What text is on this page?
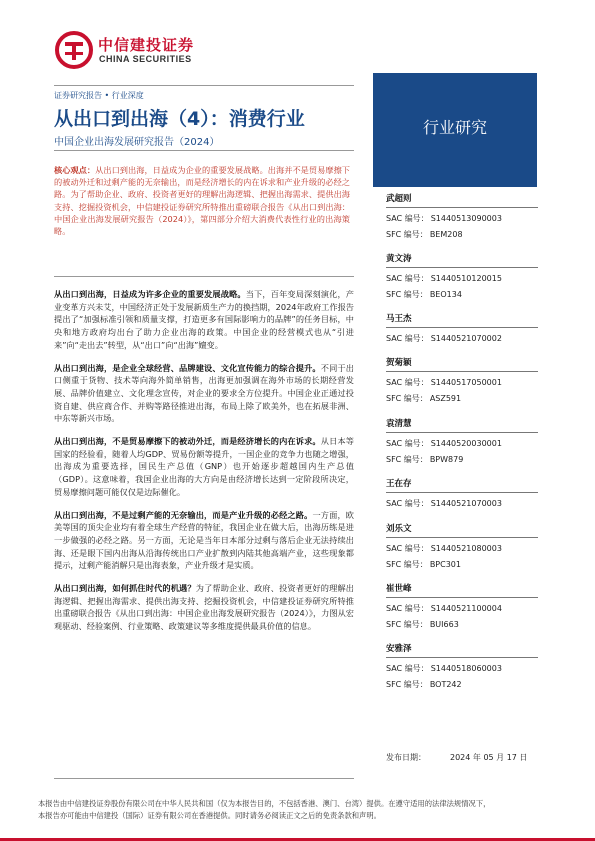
中信建投证券
CHINA SECURITIES
行业研究
证券研究报告 • 行业深度
从出口到出海（4）：消费行业
中国企业出海发展研究报告（2024）
核心观点：从出口到出海，日益成为企业的重要发展战略。出海并不是贸易摩擦下的被动外迁和过剩产能的无奈输出，而是经济增长的内在诉求和产业升级的必经之路。为了帮助企业、政府、投资者更好的理解出海逻辑、把握出海需求、提供出海支持、挖掘投资机会，中信建投证券研究所特推出重磅联合报告《从出口到出海：中国企业出海发展研究报告（2024）》，第四部分介绍大消费代表性行业的出海策略。

从出口到出海，日益成为许多企业的重要发展战略。当下，百年变局深刻演化，产业变革方兴未艾，中国经济正处于发展新质生产力的换挡期，2024年政府工作报告提出了“加强标准引领和质量支撑，打造更多有国际影响力的品牌”的任务目标，中央和地方政府均出台了助力企业出海的政策。中国企业的经营模式也从“引进来”向“走出去”转型，从“出口”向“出海”嬗变。

从出口到出海，是企业全球经营、品牌建设、文化宣传能力的综合提升。不同于出口侧重于货物、技术等向海外简单销售，出海更加强调在海外市场的长期经营发展、品牌价值建立、文化理念宣传，对企业的要求全方位提升。中国企业正通过投资自建、供应商合作、并购等路径推进出海，布局上除了欧美外，也在拓展非洲、中东等新兴市场。

从出口到出海，不是贸易摩擦下的被动外迁，而是经济增长的内在诉求。从日本等国家的经验看，随着人均GDP、贸易份额等提升，一国企业的竞争力也随之增强，出海成为重要选择，国民生产总值（GNP）也开始逐步超越国内生产总值（GDP）。这意味着，我国企业出海的大方向是由经济增长达到一定阶段所决定，贸易摩擦问题可能仅仅是边际催化。

从出口到出海，不是过剩产能的无奈输出，而是产业升级的必经之路。一方面，欧美等国的顶尖企业均有着全球生产经营的特征，我国企业在做大后，出海历练是进一步做强的必经之路。另一方面，无论是当年日本部分过剩与落后企业无法持续出海、还是眼下国内出海从沿海传统出口产业扩散到内陆其他高端产业，这些现象都提示，过剩产能消解只是出海表象，产业升级才是实质。

从出口到出海，如何抓住时代的机遇？为了帮助企业、政府、投资者更好的理解出海逻辑、把握出海需求、提供出海支持、挖掘投资机会，中信建投证券研究所特推出重磅联合报告《从出口到出海：中国企业出海发展研究报告（2024）》，力图从宏观驱动、经验案例、行业策略、政策建议等多维度提供最具价值的信息。

武超则
SAC 编号： S1440513090003
SFC 编号： BEM208
黄文涛
SAC 编号： S1440510120015
SFC 编号： BEO134
马王杰
SAC 编号： S1440521070002
贺菊颖
SAC 编号： S1440517050001
SFC 编号： ASZ591
袁清慧
SAC 编号： S1440520030001
SFC 编号： BPW879
王在存
SAC 编号： S1440521070003
刘乐文
SAC 编号： S1440521080003
SFC 编号： BPC301
崔世峰
SAC 编号： S1440521100004
SFC 编号： BUI663
安雅泽
SAC 编号： S1440518060003
SFC 编号： BOT242
发布日期：	2024 年 05 月 17 日
本报告由中信建投证券股份有限公司在中华人民共和国（仅为本报告目的，不包括香港、澳门、台湾）提供。在遵守适用的法律法规情况下，
本报告亦可能由中信建投（国际）证券有限公司在香港提供。同时请务必阅读正文之后的免责条款和声明。
